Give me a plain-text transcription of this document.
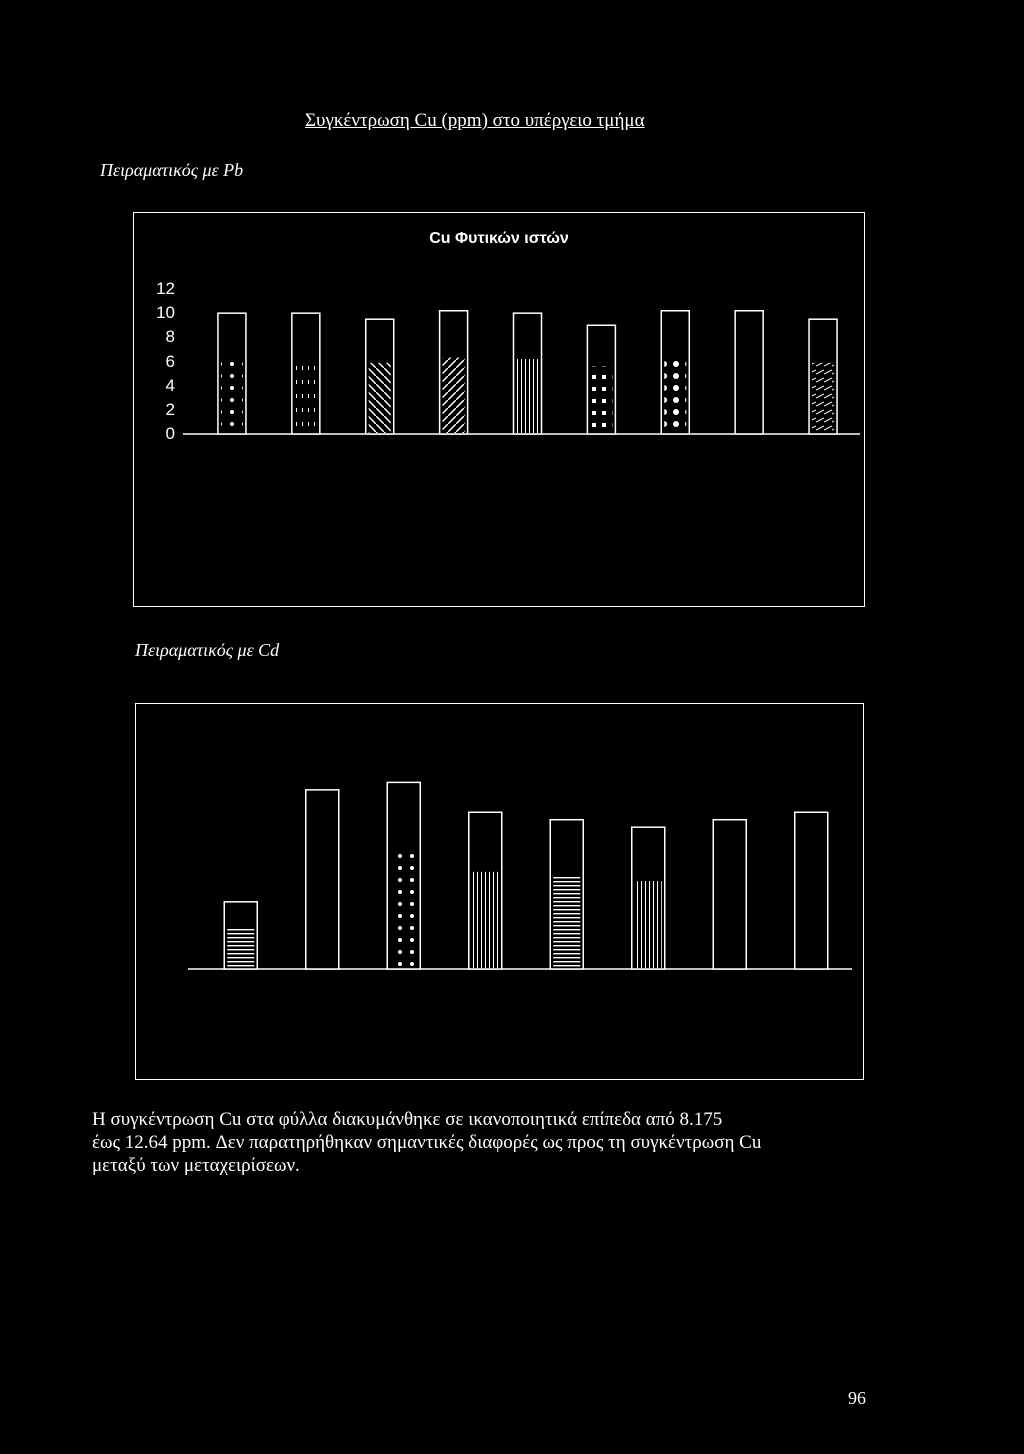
Συγκέντρωση Cu (ppm) στο υπέργειο τμήμα
Πειραματικός με Pb
Cu Φυτικών ιστών
12
10
8
6
4
2
0
Πειραματικός με Cd
Η συγκέντρωση Cu στα φύλλα διακυμάνθηκε σε ικανοποιητικά επίπεδα από 8.175
έως 12.64 ppm. Δεν παρατηρήθηκαν σημαντικές διαφορές ως προς τη συγκέντρωση Cu
μεταξύ των μεταχειρίσεων.
96
